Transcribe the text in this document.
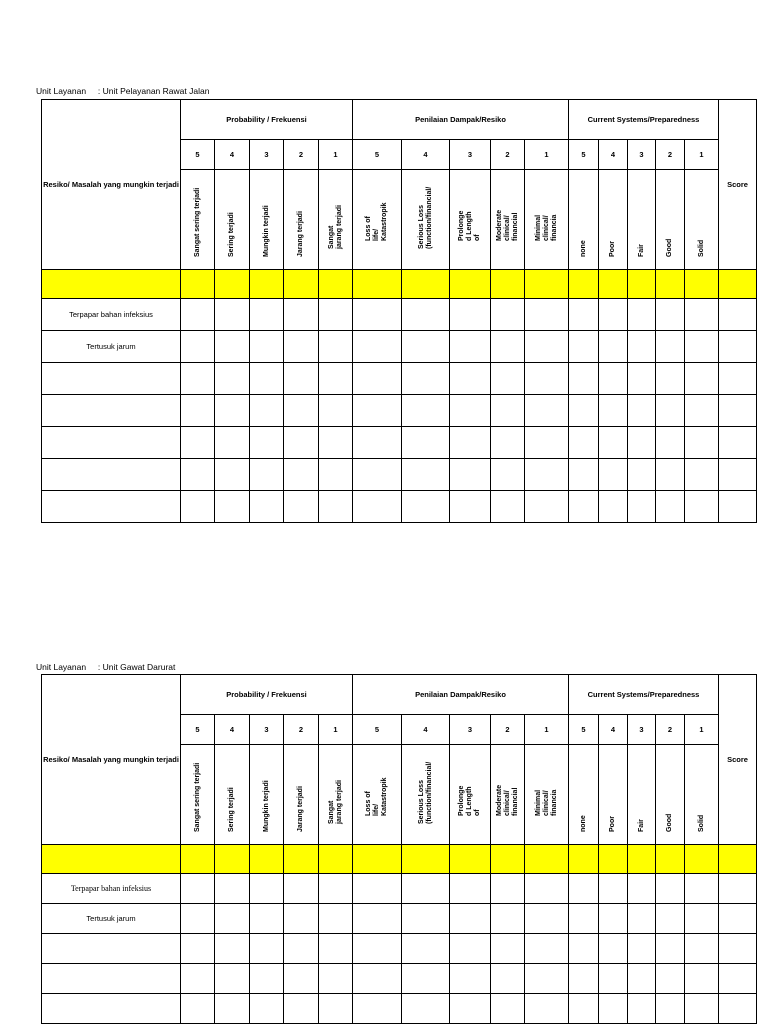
Unit Layanan : Unit Pelayanan Rawat Jalan
Resiko/ Masalah yang mungkin terjadi	Probability / Frekuensi					Penilaian Dampak/Resiko					Current Systems/Preparedness					Score
	5	4	3	2	1	5	4	3	2	1	5	4	3	2	1	

	Sangat sering terjadi	Sering terjadi	Mungkin terjadi	Jarang terjadi	Sangat
jarang terjadi	Loss of
life/
Katastropik	Serious Loss
(function/financial/	Prolonge
d Length
of	Moderate
clinical/
financial	Minimal
clinical/
financia	none	Poor	Fair	Good	Solid	

Terpapar bahan infeksius																
Tertusuk jarum																

Unit Layanan : Unit Gawat Darurat
Resiko/ Masalah yang mungkin terjadi	Probability / Frekuensi					Penilaian Dampak/Resiko					Current Systems/Preparedness					Score
	5	4	3	2	1	5	4	3	2	1	5	4	3	2	1	

	Sangat sering terjadi	Sering terjadi	Mungkin terjadi	Jarang terjadi	Sangat
jarang terjadi	Loss of
life/
Katastropik	Serious Loss
(function/financial/	Prolonge
d Length
of	Moderate
clinical/
financial	Minimal
clinical/
financia	none	Poor	Fair	Good	Solid	

Terpapar bahan infeksius																
Tertusuk jarum																
